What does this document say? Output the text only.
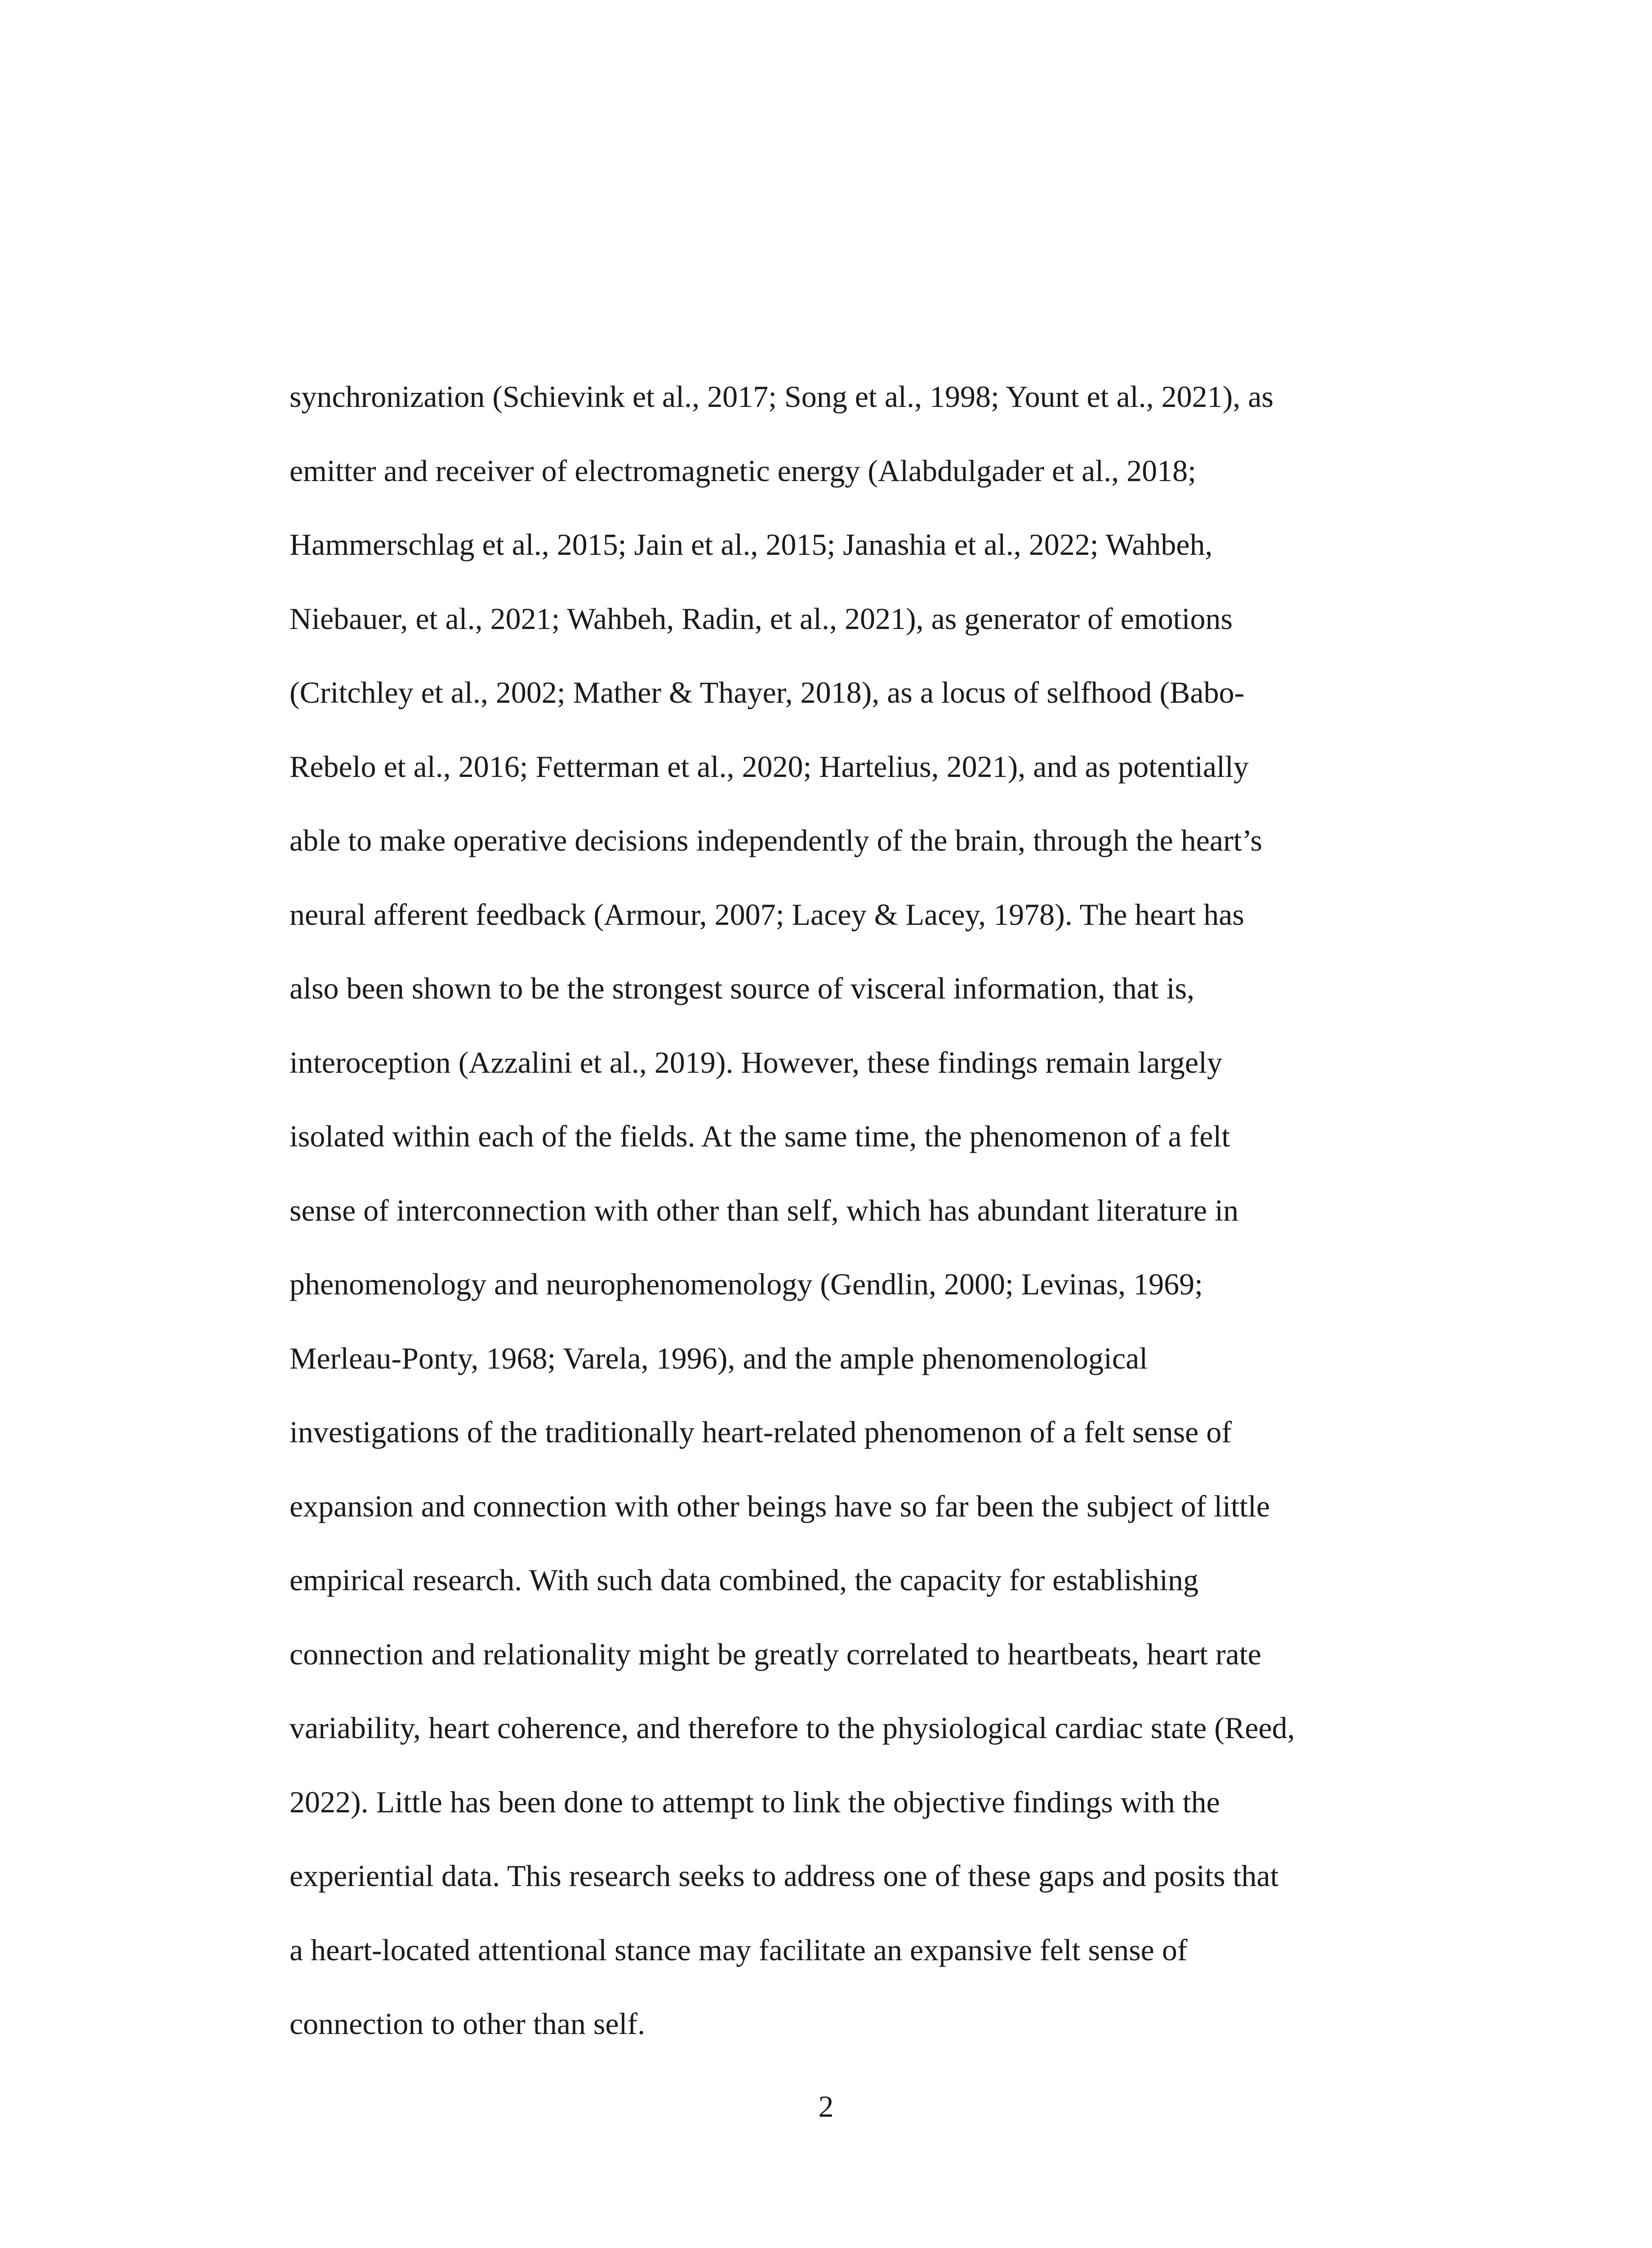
synchronization (Schievink et al., 2017; Song et al., 1998; Yount et al., 2021), as
emitter and receiver of electromagnetic energy (Alabdulgader et al., 2018;
Hammerschlag et al., 2015; Jain et al., 2015; Janashia et al., 2022; Wahbeh,
Niebauer, et al., 2021; Wahbeh, Radin, et al., 2021), as generator of emotions
(Critchley et al., 2002; Mather & Thayer, 2018), as a locus of selfhood (Babo-
Rebelo et al., 2016; Fetterman et al., 2020; Hartelius, 2021), and as potentially
able to make operative decisions independently of the brain, through the heart’s
neural afferent feedback (Armour, 2007; Lacey & Lacey, 1978). The heart has
also been shown to be the strongest source of visceral information, that is,
interoception (Azzalini et al., 2019). However, these findings remain largely
isolated within each of the fields. At the same time, the phenomenon of a felt
sense of interconnection with other than self, which has abundant literature in
phenomenology and neurophenomenology (Gendlin, 2000; Levinas, 1969;
Merleau-Ponty, 1968; Varela, 1996), and the ample phenomenological
investigations of the traditionally heart-related phenomenon of a felt sense of
expansion and connection with other beings have so far been the subject of little
empirical research. With such data combined, the capacity for establishing
connection and relationality might be greatly correlated to heartbeats, heart rate
variability, heart coherence, and therefore to the physiological cardiac state (Reed,
2022). Little has been done to attempt to link the objective findings with the
experiential data. This research seeks to address one of these gaps and posits that
a heart-located attentional stance may facilitate an expansive felt sense of
connection to other than self.
2
